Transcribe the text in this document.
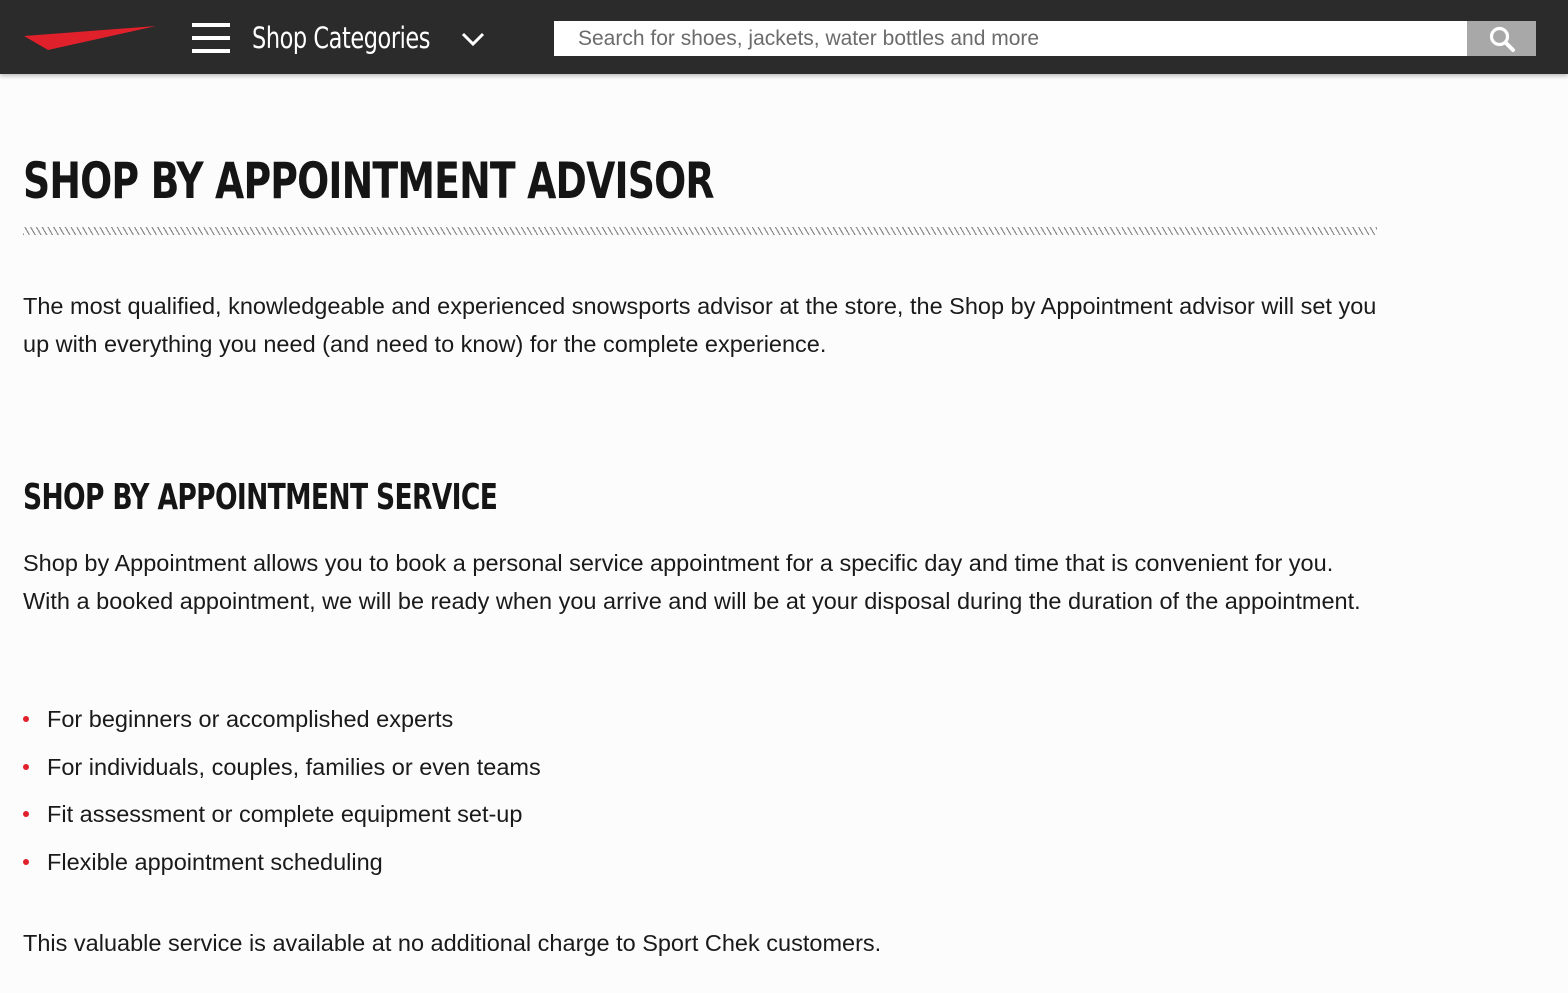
Shop Categories
Search for shoes, jackets, water bottles and more
SHOP BY APPOINTMENT ADVISOR

The most qualified, knowledgeable and experienced snowsports advisor at the store, the Shop by Appointment advisor will set you up with everything you need (and need to know) for the complete experience.

SHOP BY APPOINTMENT SERVICE

Shop by Appointment allows you to book a personal service appointment for a specific day and time that is convenient for you. With a booked appointment, we will be ready when you arrive and will be at your disposal during the duration of the appointment.

For beginners or accomplished experts
For individuals, couples, families or even teams
Fit assessment or complete equipment set-up
Flexible appointment scheduling

This valuable service is available at no additional charge to Sport Chek customers.
